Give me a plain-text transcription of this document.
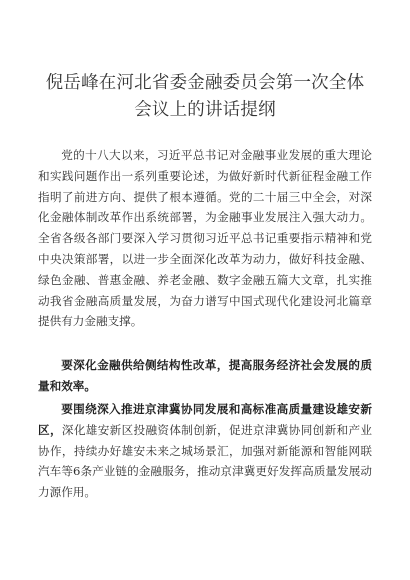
倪岳峰在河北省委金融委员会第一次全体会议上的讲话提纲

党的十八大以来，习近平总书记对金融事业发展的重大理论和实践问题作出一系列重要论述，为做好新时代新征程金融工作指明了前进方向、提供了根本遵循。党的二十届三中全会，对深化金融体制改革作出系统部署，为金融事业发展注入强大动力。全省各级各部门要深入学习贯彻习近平总书记重要指示精神和党中央决策部署，以进一步全面深化改革为动力，做好科技金融、绿色金融、普惠金融、养老金融、数字金融五篇大文章，扎实推动我省金融高质量发展，为奋力谱写中国式现代化建设河北篇章提供有力金融支撑。

要深化金融供给侧结构性改革，提高服务经济社会发展的质量和效率。

要围绕深入推进京津冀协同发展和高标准高质量建设雄安新区，深化雄安新区投融资体制创新，促进京津冀协同创新和产业协作，持续办好雄安未来之城场景汇，加强对新能源和智能网联汽车等6条产业链的金融服务，推动京津冀更好发挥高质量发展动力源作用。
